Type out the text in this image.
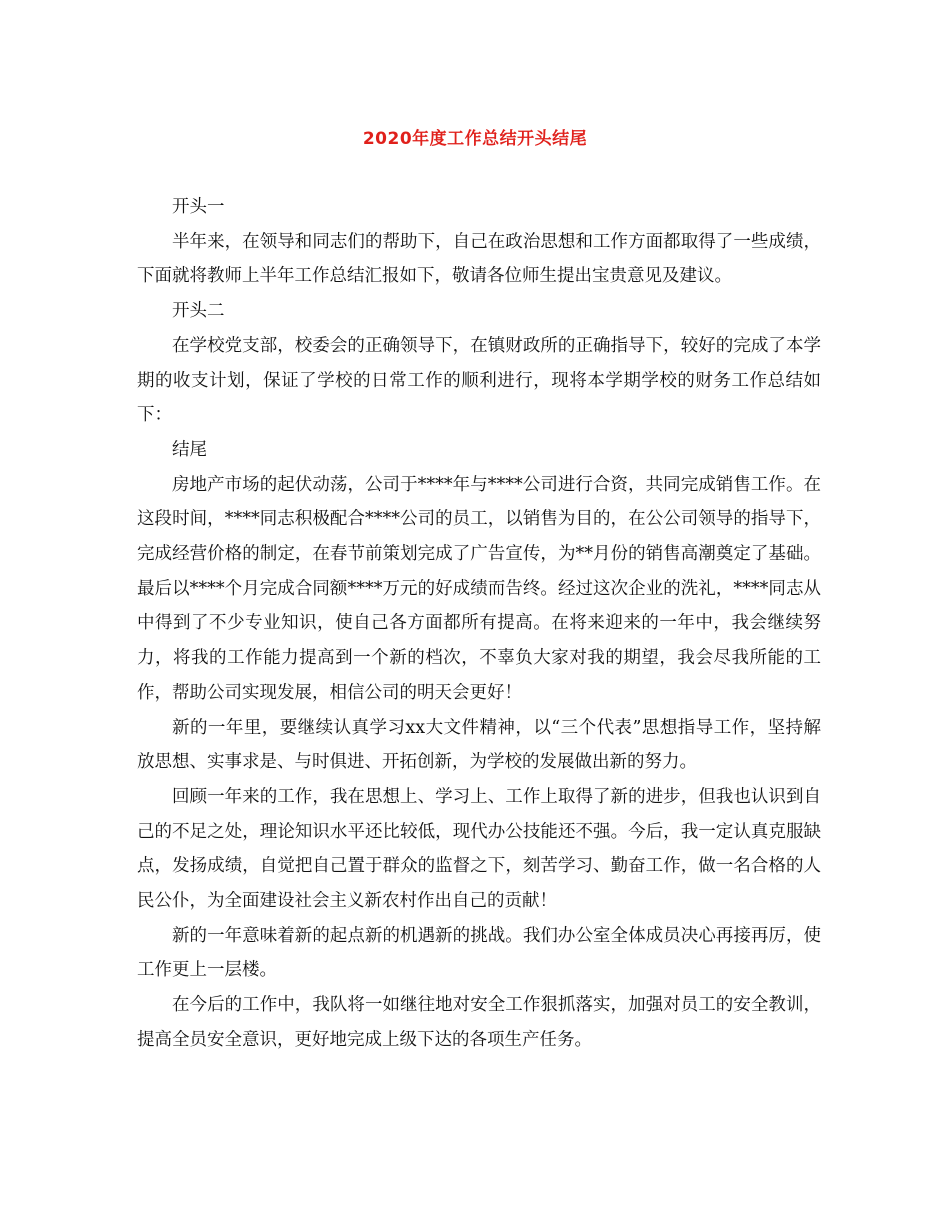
2020年度工作总结开头结尾

开头一

半年来，在领导和同志们的帮助下，自己在政治思想和工作方面都取得了一些成绩，下面就将教师上半年工作总结汇报如下，敬请各位师生提出宝贵意见及建议。

开头二

在学校党支部，校委会的正确领导下，在镇财政所的正确指导下，较好的完成了本学期的收支计划，保证了学校的日常工作的顺利进行，现将本学期学校的财务工作总结如下：

结尾

房地产市场的起伏动荡，公司于****年与****公司进行合资，共同完成销售工作。在这段时间，****同志积极配合****公司的员工，以销售为目的，在公公司领导的指导下，完成经营价格的制定，在春节前策划完成了广告宣传，为**月份的销售高潮奠定了基础。最后以****个月完成合同额****万元的好成绩而告终。经过这次企业的洗礼，****同志从中得到了不少专业知识，使自己各方面都所有提高。在将来迎来的一年中，我会继续努力，将我的工作能力提高到一个新的档次，不辜负大家对我的期望，我会尽我所能的工作，帮助公司实现发展，相信公司的明天会更好！

新的一年里，要继续认真学习xx大文件精神，以“三个代表”思想指导工作，坚持解放思想、实事求是、与时俱进、开拓创新，为学校的发展做出新的努力。

回顾一年来的工作，我在思想上、学习上、工作上取得了新的进步，但我也认识到自己的不足之处，理论知识水平还比较低，现代办公技能还不强。今后，我一定认真克服缺点，发扬成绩，自觉把自己置于群众的监督之下，刻苦学习、勤奋工作，做一名合格的人民公仆，为全面建设社会主义新农村作出自己的贡献！

新的一年意味着新的起点新的机遇新的挑战。我们办公室全体成员决心再接再厉，使工作更上一层楼。

在今后的工作中，我队将一如继往地对安全工作狠抓落实，加强对员工的安全教训，提高全员安全意识，更好地完成上级下达的各项生产任务。
